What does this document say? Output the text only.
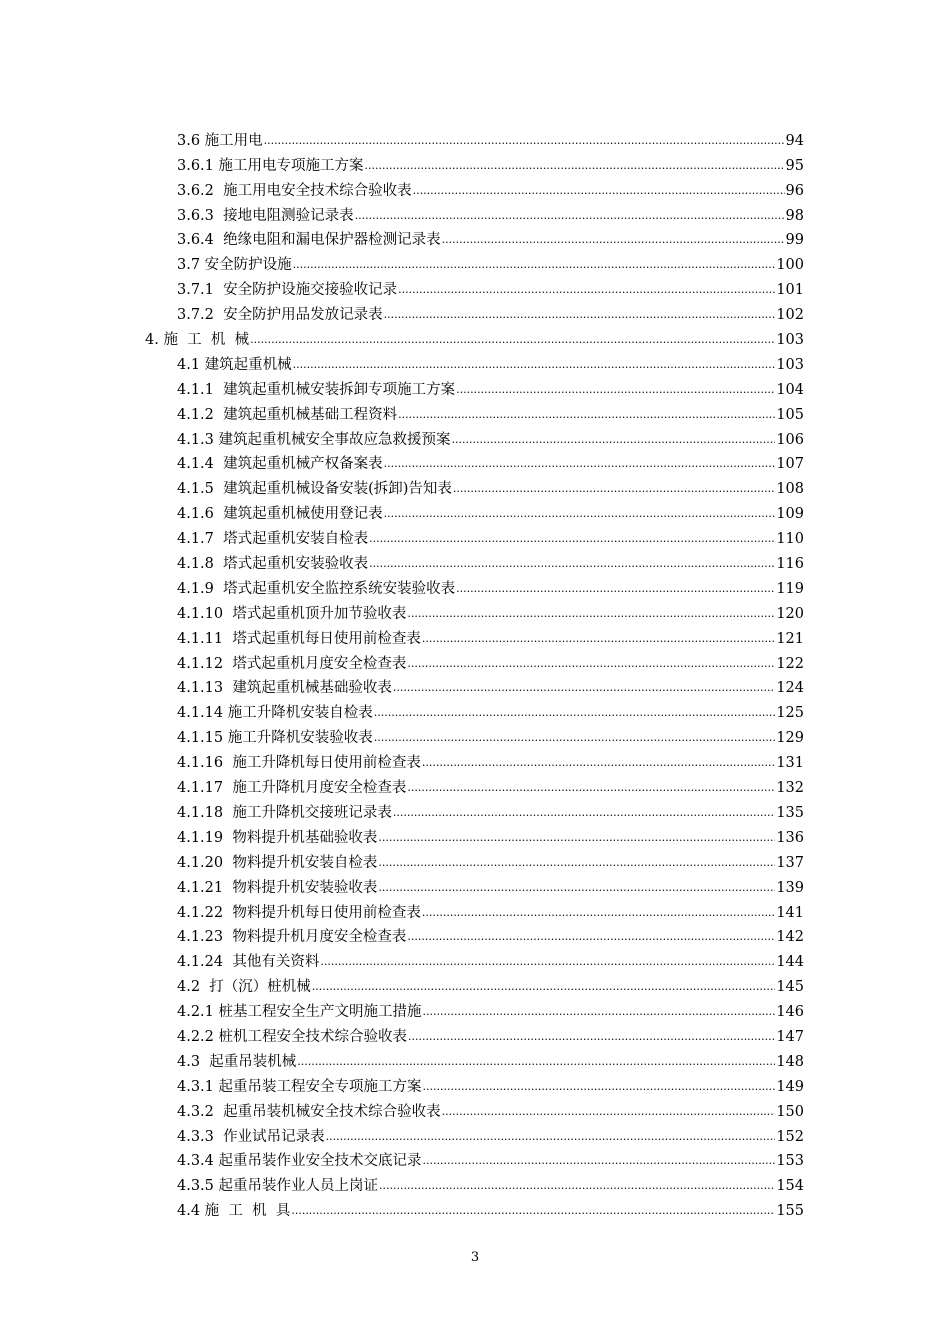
3.6 施工用电 .....	94
3.6.1 施工用电专项施工方案 .....	95
3.6.2  施工用电安全技术综合验收表 .....	96
3.6.3  接地电阻测验记录表 .....	98
3.6.4  绝缘电阻和漏电保护器检测记录表 .....	99
3.7 安全防护设施 .....	100
3.7.1  安全防护设施交接验收记录 .....	101
3.7.2  安全防护用品发放记录表 .....	102
4. 施  工  机  械 .....	103
4.1 建筑起重机械 .....	103
4.1.1  建筑起重机械安装拆卸专项施工方案 .....	104
4.1.2  建筑起重机械基础工程资料 .....	105
4.1.3 建筑起重机械安全事故应急救援预案 .....	106
4.1.4  建筑起重机械产权备案表 .....	107
4.1.5  建筑起重机械设备安装(拆卸)告知表 .....	108
4.1.6  建筑起重机械使用登记表 .....	109
4.1.7  塔式起重机安装自检表 .....	110
4.1.8  塔式起重机安装验收表 .....	116
4.1.9  塔式起重机安全监控系统安装验收表 .....	119
4.1.10  塔式起重机顶升加节验收表 .....	120
4.1.11  塔式起重机每日使用前检查表 .....	121
4.1.12  塔式起重机月度安全检查表 .....	122
4.1.13  建筑起重机械基础验收表 .....	124
4.1.14 施工升降机安装自检表 .....	125
4.1.15 施工升降机安装验收表 .....	129
4.1.16  施工升降机每日使用前检查表 .....	131
4.1.17  施工升降机月度安全检查表 .....	132
4.1.18  施工升降机交接班记录表 .....	135
4.1.19  物料提升机基础验收表 .....	136
4.1.20  物料提升机安装自检表 .....	137
4.1.21  物料提升机安装验收表 .....	139
4.1.22  物料提升机每日使用前检查表 .....	141
4.1.23  物料提升机月度安全检查表 .....	142
4.1.24  其他有关资料 .....	144
4.2  打（沉）桩机械 .....	145
4.2.1 桩基工程安全生产文明施工措施 .....	146
4.2.2 桩机工程安全技术综合验收表 .....	147
4.3  起重吊装机械 .....	148
4.3.1 起重吊装工程安全专项施工方案 .....	149
4.3.2  起重吊装机械安全技术综合验收表 .....	150
4.3.3  作业试吊记录表 .....	152
4.3.4 起重吊装作业安全技术交底记录 .....	153
4.3.5 起重吊装作业人员上岗证 .....	154
4.4 施  工  机  具 .....	155
3
